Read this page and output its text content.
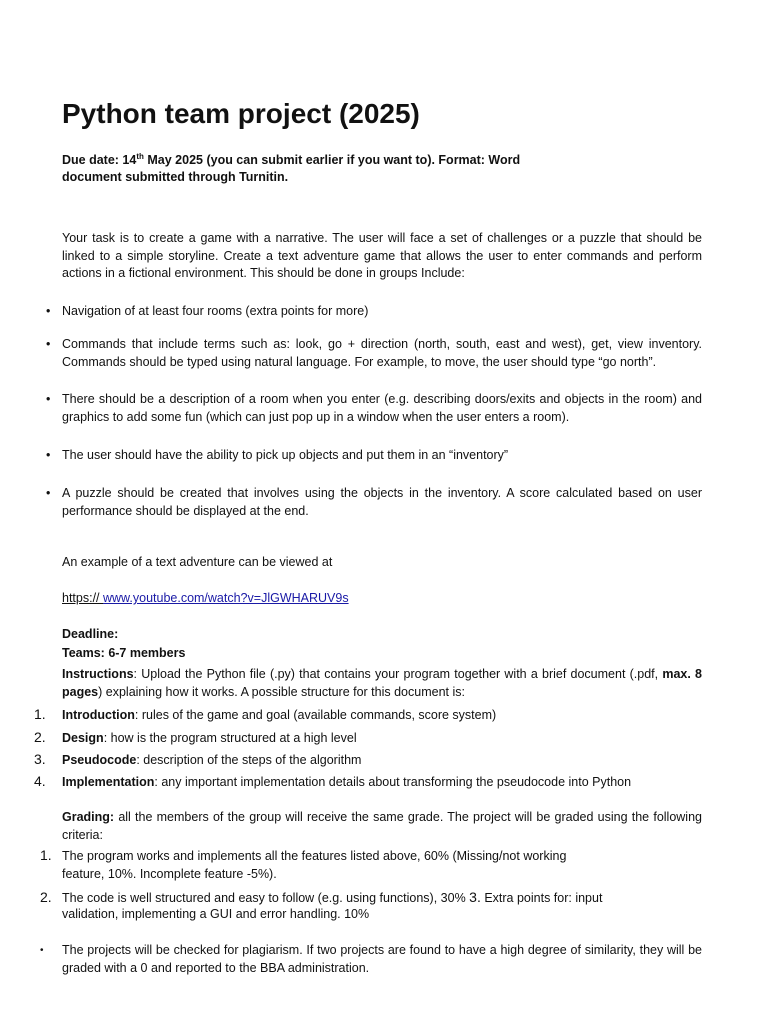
Python team project (2025)
Due date: 14th May 2025 (you can submit earlier if you want to). Format: Word document submitted through Turnitin.
Your task is to create a game with a narrative. The user will face a set of challenges or a puzzle that should be linked to a simple storyline. Create a text adventure game that allows the user to enter commands and perform actions in a fictional environment. This should be done in groups Include:
• Navigation of at least four rooms (extra points for more)
• Commands that include terms such as: look, go + direction (north, south, east and west), get, view inventory. Commands should be typed using natural language. For example, to move, the user should type “go north”.
• There should be a description of a room when you enter (e.g. describing doors/exits and objects in the room) and graphics to add some fun (which can just pop up in a window when the user enters a room).
• The user should have the ability to pick up objects and put them in an “inventory”
• A puzzle should be created that involves using the objects in the inventory. A score calculated based on user performance should be displayed at the end.
An example of a text adventure can be viewed at
https:// www.youtube.com/watch?v=JlGWHARUV9s
Deadline:
Teams: 6-7 members
Instructions: Upload the Python file (.py) that contains your program together with a brief document (.pdf, max. 8 pages) explaining how it works. A possible structure for this document is:
1. Introduction: rules of the game and goal (available commands, score system)
2. Design: how is the program structured at a high level
3. Pseudocode: description of the steps of the algorithm
4. Implementation: any important implementation details about transforming the pseudocode into Python
Grading: all the members of the group will receive the same grade. The project will be graded using the following criteria:
1. The program works and implements all the features listed above, 60% (Missing/not working
feature, 10%. Incomplete feature -5%).
2. The code is well structured and easy to follow (e.g. using functions), 30% 3. Extra points for: input
validation, implementing a GUI and error handling. 10%
• The projects will be checked for plagiarism. If two projects are found to have a high degree of similarity, they will be graded with a 0 and reported to the BBA administration.
